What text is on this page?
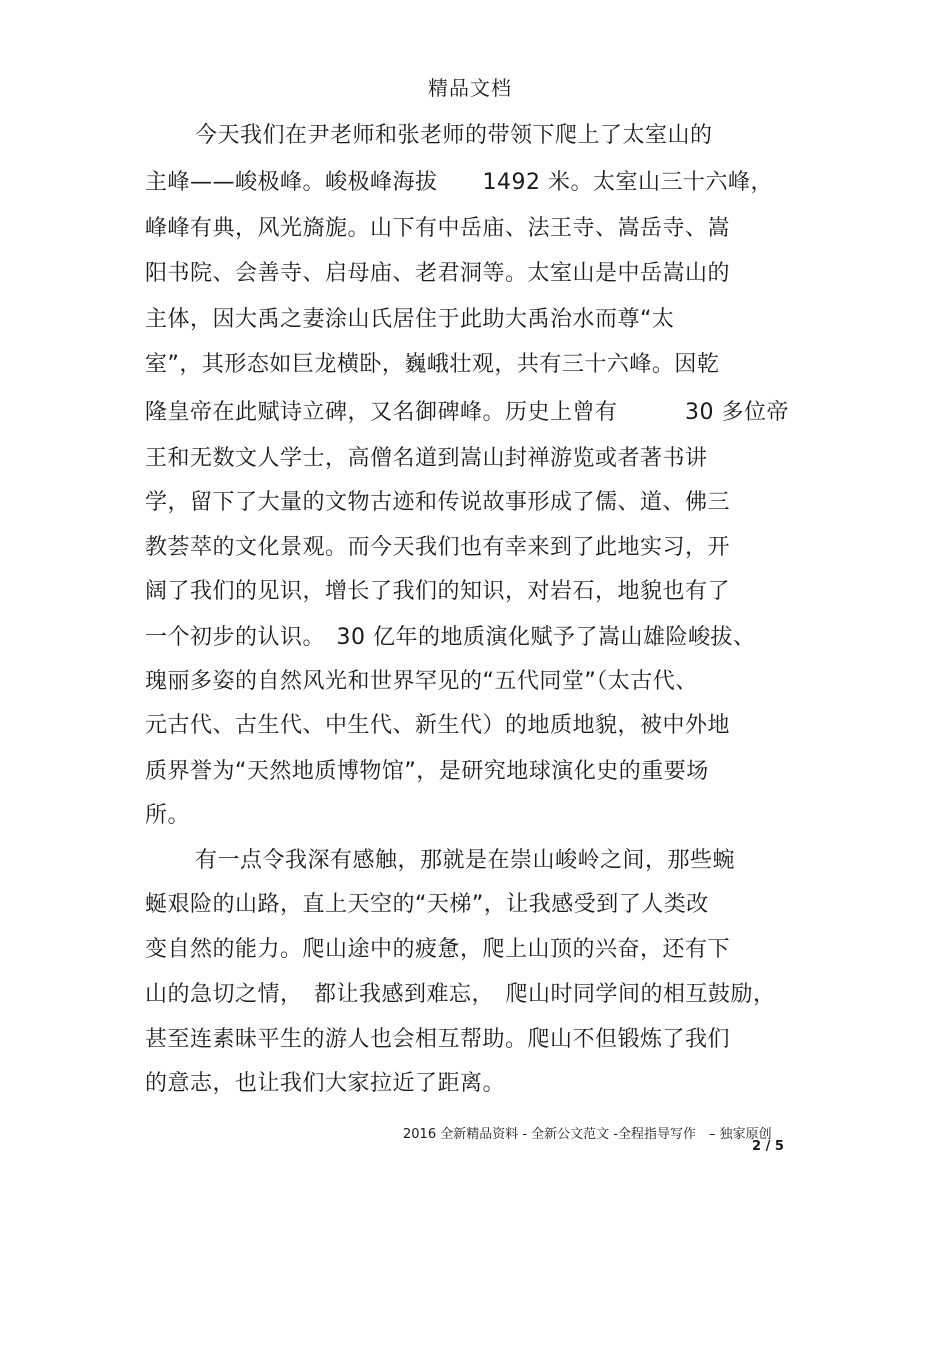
精品文档
今天我们在尹老师和张老师的带领下爬上了太室山的
主峰——峻极峰。峻极峰海拔　　1492 米。太室山三十六峰，
峰峰有典，风光旖旎。山下有中岳庙、法王寺、嵩岳寺、嵩
阳书院、会善寺、启母庙、老君洞等。太室山是中岳嵩山的
主体，因大禹之妻涂山氏居住于此助大禹治水而尊“太
室”，其形态如巨龙横卧，巍峨壮观，共有三十六峰。因乾
隆皇帝在此赋诗立碑，又名御碑峰。历史上曾有　　　30 多位帝
王和无数文人学士，高僧名道到嵩山封禅游览或者著书讲
学，留下了大量的文物古迹和传说故事形成了儒、道、佛三
教荟萃的文化景观。而今天我们也有幸来到了此地实习，开
阔了我们的见识，增长了我们的知识，对岩石，地貌也有了
一个初步的认识。　30 亿年的地质演化赋予了嵩山雄险峻拔、
瑰丽多姿的自然风光和世界罕见的“五代同堂”（太古代、
元古代、古生代、中生代、新生代）的地质地貌，被中外地
质界誉为“天然地质博物馆”，是研究地球演化史的重要场
所。
有一点令我深有感触，那就是在崇山峻岭之间，那些蜿
蜒艰险的山路，直上天空的“天梯”，让我感受到了人类改
变自然的能力。爬山途中的疲惫，爬上山顶的兴奋，还有下
山的急切之情，　都让我感到难忘，　爬山时同学间的相互鼓励，
甚至连素昧平生的游人也会相互帮助。爬山不但锻炼了我们
的意志，也让我们大家拉近了距离。
2016 全新精品资料 - 全新公文范文 -全程指导写作　– 独家原创
2 / 5
